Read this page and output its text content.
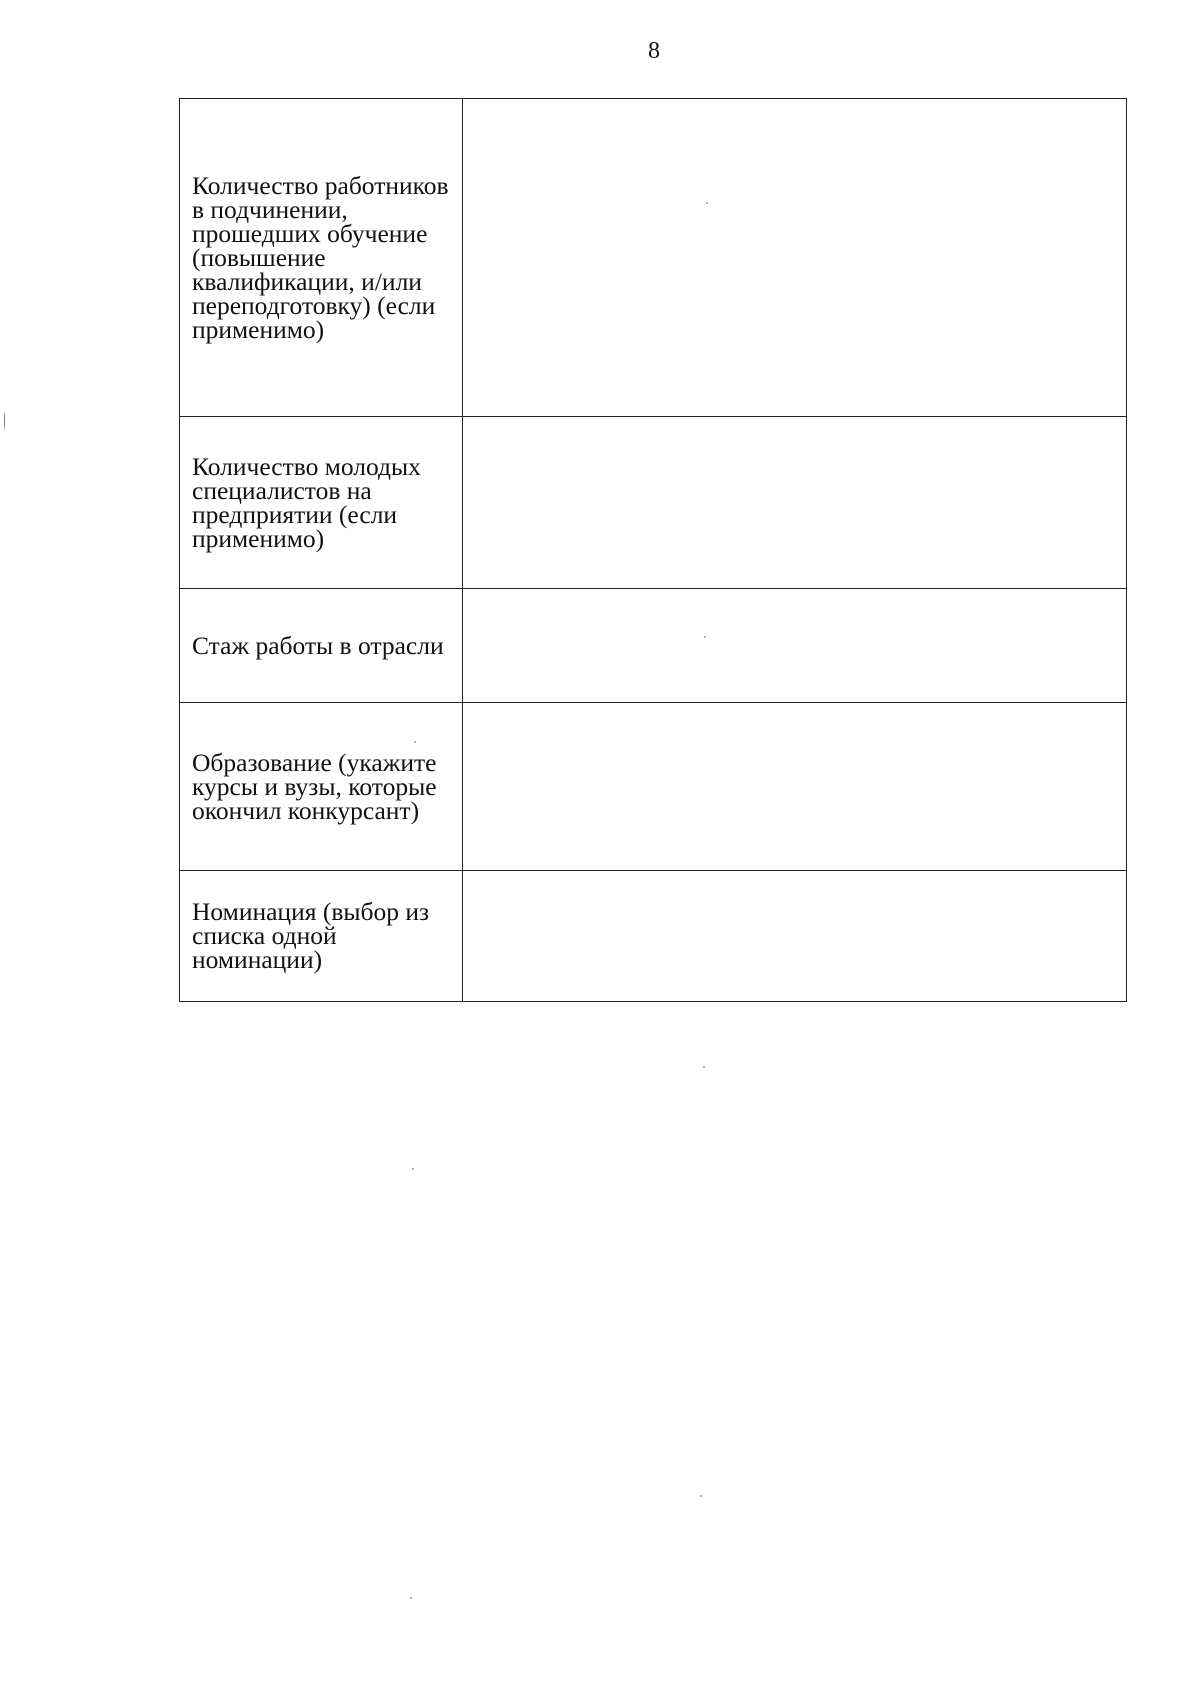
8
Количество работников в подчинении, прошедших обучение (повышение квалификации, и/или переподготовку) (если применимо)	

Количество молодых специалистов на предприятии (если применимо)	

Стаж работы в отрасли	

Образование (укажите курсы и вузы, которые окончил конкурсант)	

Номинация (выбор из списка одной номинации)	
